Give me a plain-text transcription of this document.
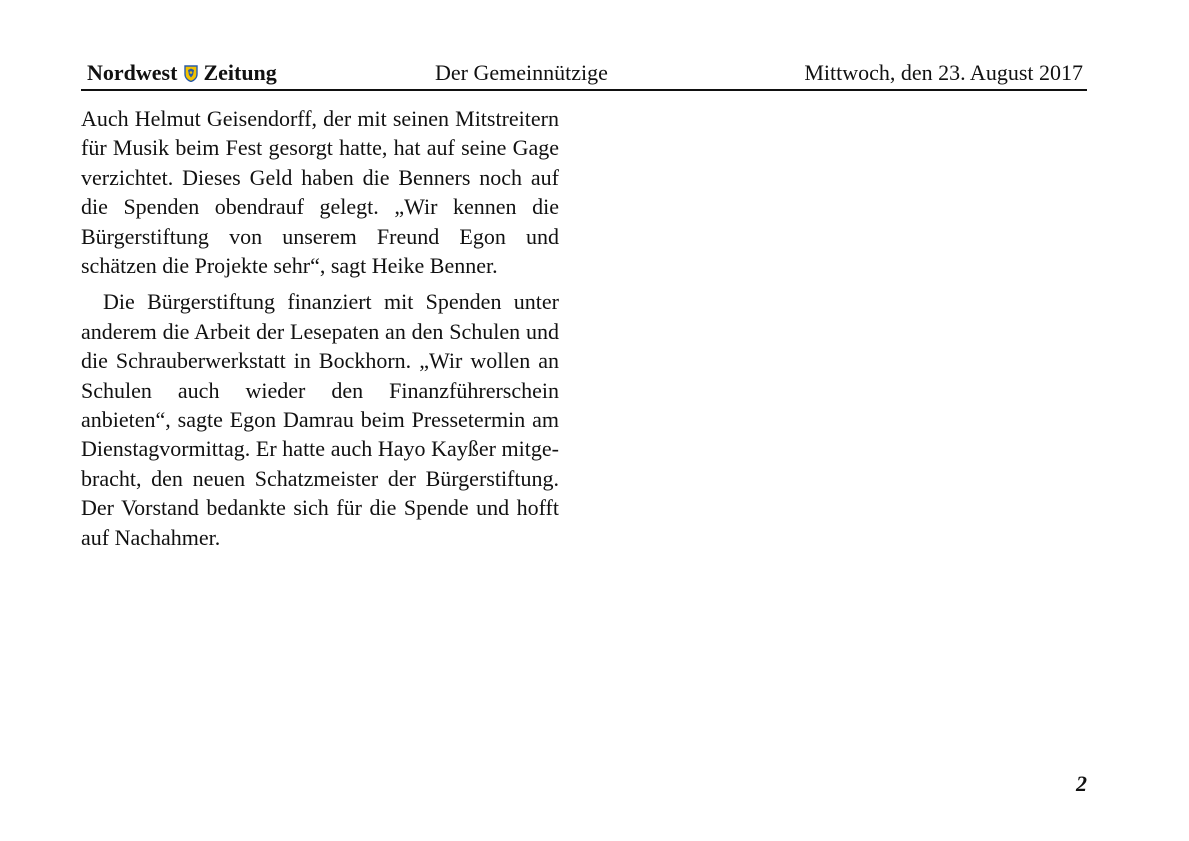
Nordwest Zeitung	Der Gemeinnützige	Mittwoch, den 23. August 2017

Auch Helmut Geisendorff, der mit seinen Mitstreitern für Musik beim Fest gesorgt hatte, hat auf seine Gage verzichtet. Dieses Geld haben die Benners noch auf die Spenden obendrauf gelegt. „Wir kennen die Bürgerstiftung von unserem Freund Egon und schätzen die Projekte sehr“, sagt Heike Benner.

Die Bürgerstiftung finanziert mit Spenden unter anderem die Arbeit der Lesepaten an den Schulen und die Schrauberwerkstatt in Bockhorn. „Wir wollen an Schulen auch wieder den Finanzführerschein anbieten“, sagte Egon Damrau beim Pressetermin am Dienstagvormittag. Er hatte auch Hayo Kayßer mitgebracht, den neuen Schatzmeister der Bürgerstiftung. Der Vorstand bedankte sich für die Spende und hofft auf Nachahmer.

2
